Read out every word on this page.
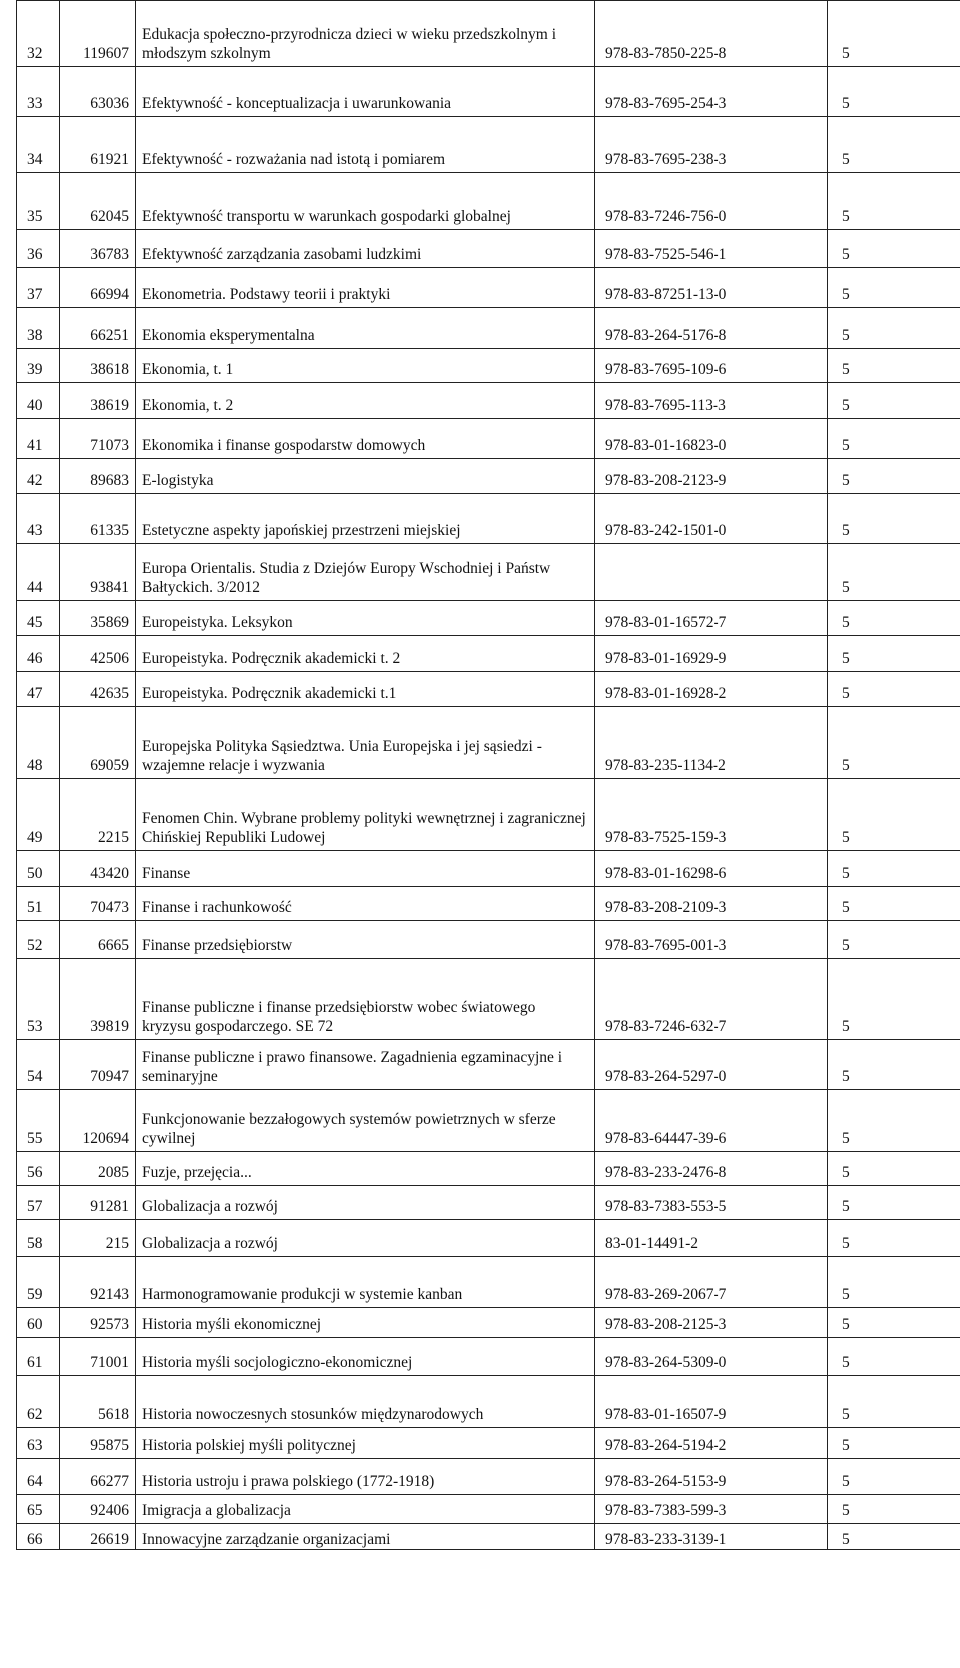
32	119607	Edukacja społeczno-przyrodnicza dzieci w wieku przedszkolnym i młodszym szkolnym	978-83-7850-225-8	5
33	63036	Efektywność - konceptualizacja i uwarunkowania	978-83-7695-254-3	5
34	61921	Efektywność - rozważania nad istotą i pomiarem	978-83-7695-238-3	5
35	62045	Efektywność transportu w warunkach gospodarki globalnej	978-83-7246-756-0	5
36	36783	Efektywność zarządzania zasobami ludzkimi	978-83-7525-546-1	5
37	66994	Ekonometria. Podstawy teorii i praktyki	978-83-87251-13-0	5
38	66251	Ekonomia eksperymentalna	978-83-264-5176-8	5
39	38618	Ekonomia, t. 1	978-83-7695-109-6	5
40	38619	Ekonomia, t. 2	978-83-7695-113-3	5
41	71073	Ekonomika i finanse gospodarstw domowych	978-83-01-16823-0	5
42	89683	E-logistyka	978-83-208-2123-9	5
43	61335	Estetyczne aspekty japońskiej przestrzeni miejskiej	978-83-242-1501-0	5
44	93841	Europa Orientalis. Studia z Dziejów Europy Wschodniej i Państw Bałtyckich. 3/2012		5
45	35869	Europeistyka. Leksykon	978-83-01-16572-7	5
46	42506	Europeistyka. Podręcznik akademicki t. 2	978-83-01-16929-9	5
47	42635	Europeistyka. Podręcznik akademicki t.1	978-83-01-16928-2	5
48	69059	Europejska Polityka Sąsiedztwa. Unia Europejska i jej sąsiedzi - wzajemne relacje i wyzwania	978-83-235-1134-2	5
49	2215	Fenomen Chin. Wybrane problemy polityki wewnętrznej i zagranicznej Chińskiej Republiki Ludowej	978-83-7525-159-3	5
50	43420	Finanse	978-83-01-16298-6	5
51	70473	Finanse i rachunkowość	978-83-208-2109-3	5
52	6665	Finanse przedsiębiorstw	978-83-7695-001-3	5
53	39819	Finanse publiczne i finanse przedsiębiorstw wobec światowego kryzysu gospodarczego. SE 72	978-83-7246-632-7	5
54	70947	Finanse publiczne i prawo finansowe. Zagadnienia egzaminacyjne i seminaryjne	978-83-264-5297-0	5
55	120694	Funkcjonowanie bezzałogowych systemów powietrznych w sferze cywilnej	978-83-64447-39-6	5
56	2085	Fuzje, przejęcia...	978-83-233-2476-8	5
57	91281	Globalizacja a rozwój	978-83-7383-553-5	5
58	215	Globalizacja a rozwój	83-01-14491-2	5
59	92143	Harmonogramowanie produkcji w systemie kanban	978-83-269-2067-7	5
60	92573	Historia myśli ekonomicznej	978-83-208-2125-3	5
61	71001	Historia myśli socjologiczno-ekonomicznej	978-83-264-5309-0	5
62	5618	Historia nowoczesnych stosunków międzynarodowych	978-83-01-16507-9	5
63	95875	Historia polskiej myśli politycznej	978-83-264-5194-2	5
64	66277	Historia ustroju i prawa polskiego (1772-1918)	978-83-264-5153-9	5
65	92406	Imigracja a globalizacja	978-83-7383-599-3	5
66	26619	Innowacyjne zarządzanie organizacjami	978-83-233-3139-1	5
